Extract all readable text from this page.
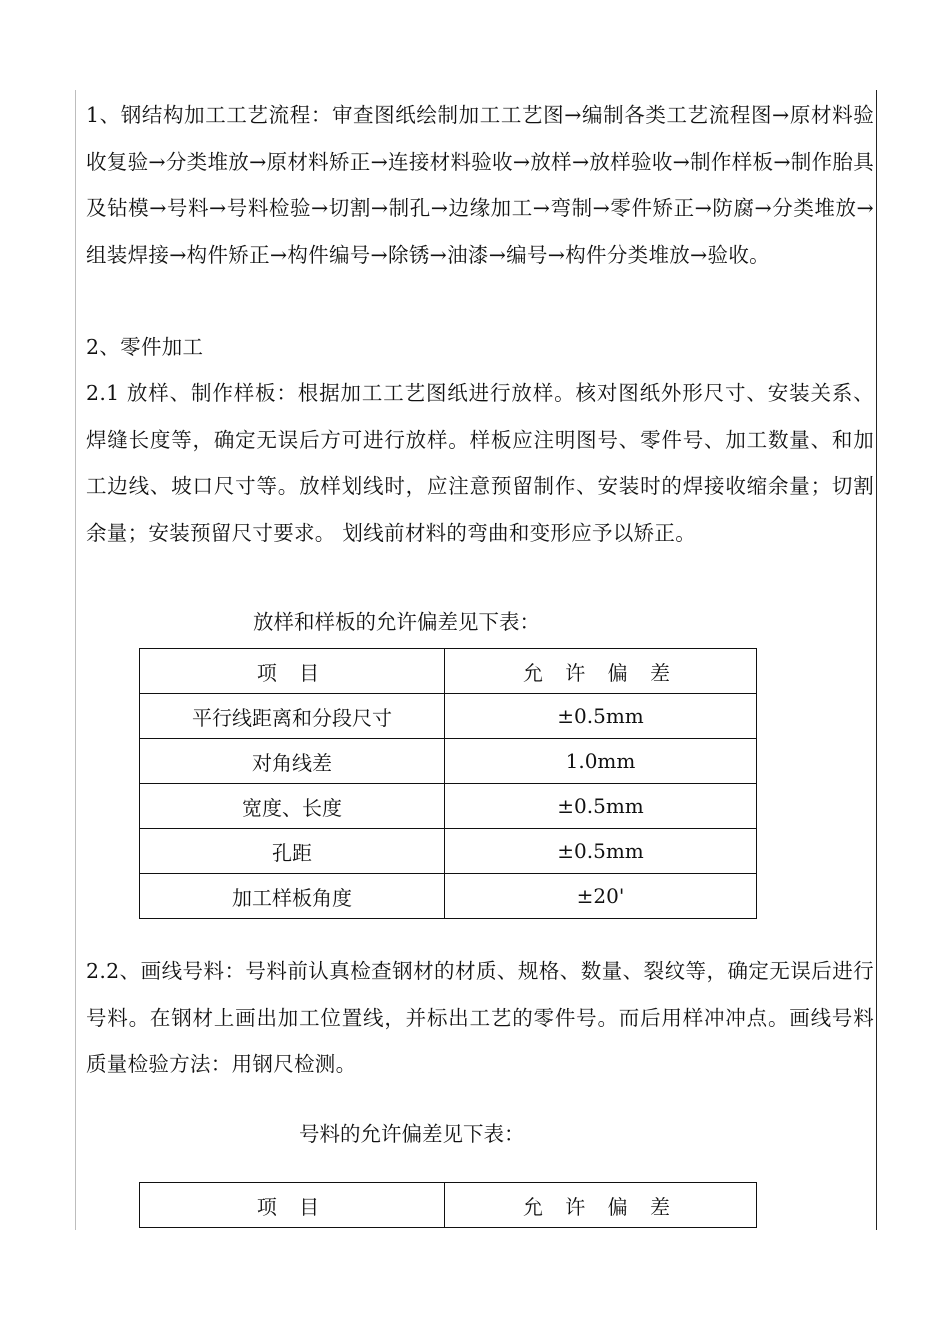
1、钢结构加工工艺流程：审查图纸绘制加工工艺图→编制各类工艺流程图→原材料验收复验→分类堆放→原材料矫正→连接材料验收→放样→放样验收→制作样板→制作胎具及钻模→号料→号料检验→切割→制孔→边缘加工→弯制→零件矫正→防腐→分类堆放→组装焊接→构件矫正→构件编号→除锈→油漆→编号→构件分类堆放→验收。
2、零件加工
2.1 放样、制作样板：根据加工工艺图纸进行放样。核对图纸外形尺寸、安装关系、焊缝长度等，确定无误后方可进行放样。样板应注明图号、零件号、加工数量、和加工边线、坡口尺寸等。放样划线时，应注意预留制作、安装时的焊接收缩余量；切割余量；安装预留尺寸要求。 划线前材料的弯曲和变形应予以矫正。
放样和样板的允许偏差见下表：
项 目	允 许 偏 差
平行线距离和分段尺寸	±0.5mm
对角线差	1.0mm
宽度、长度	±0.5mm
孔距	±0.5mm
加工样板角度	±20'
2.2、画线号料：号料前认真检查钢材的材质、规格、数量、裂纹等，确定无误后进行号料。在钢材上画出加工位置线，并标出工艺的零件号。而后用样冲冲点。画线号料质量检验方法：用钢尺检测。
号料的允许偏差见下表：
项 目	允 许 偏 差
